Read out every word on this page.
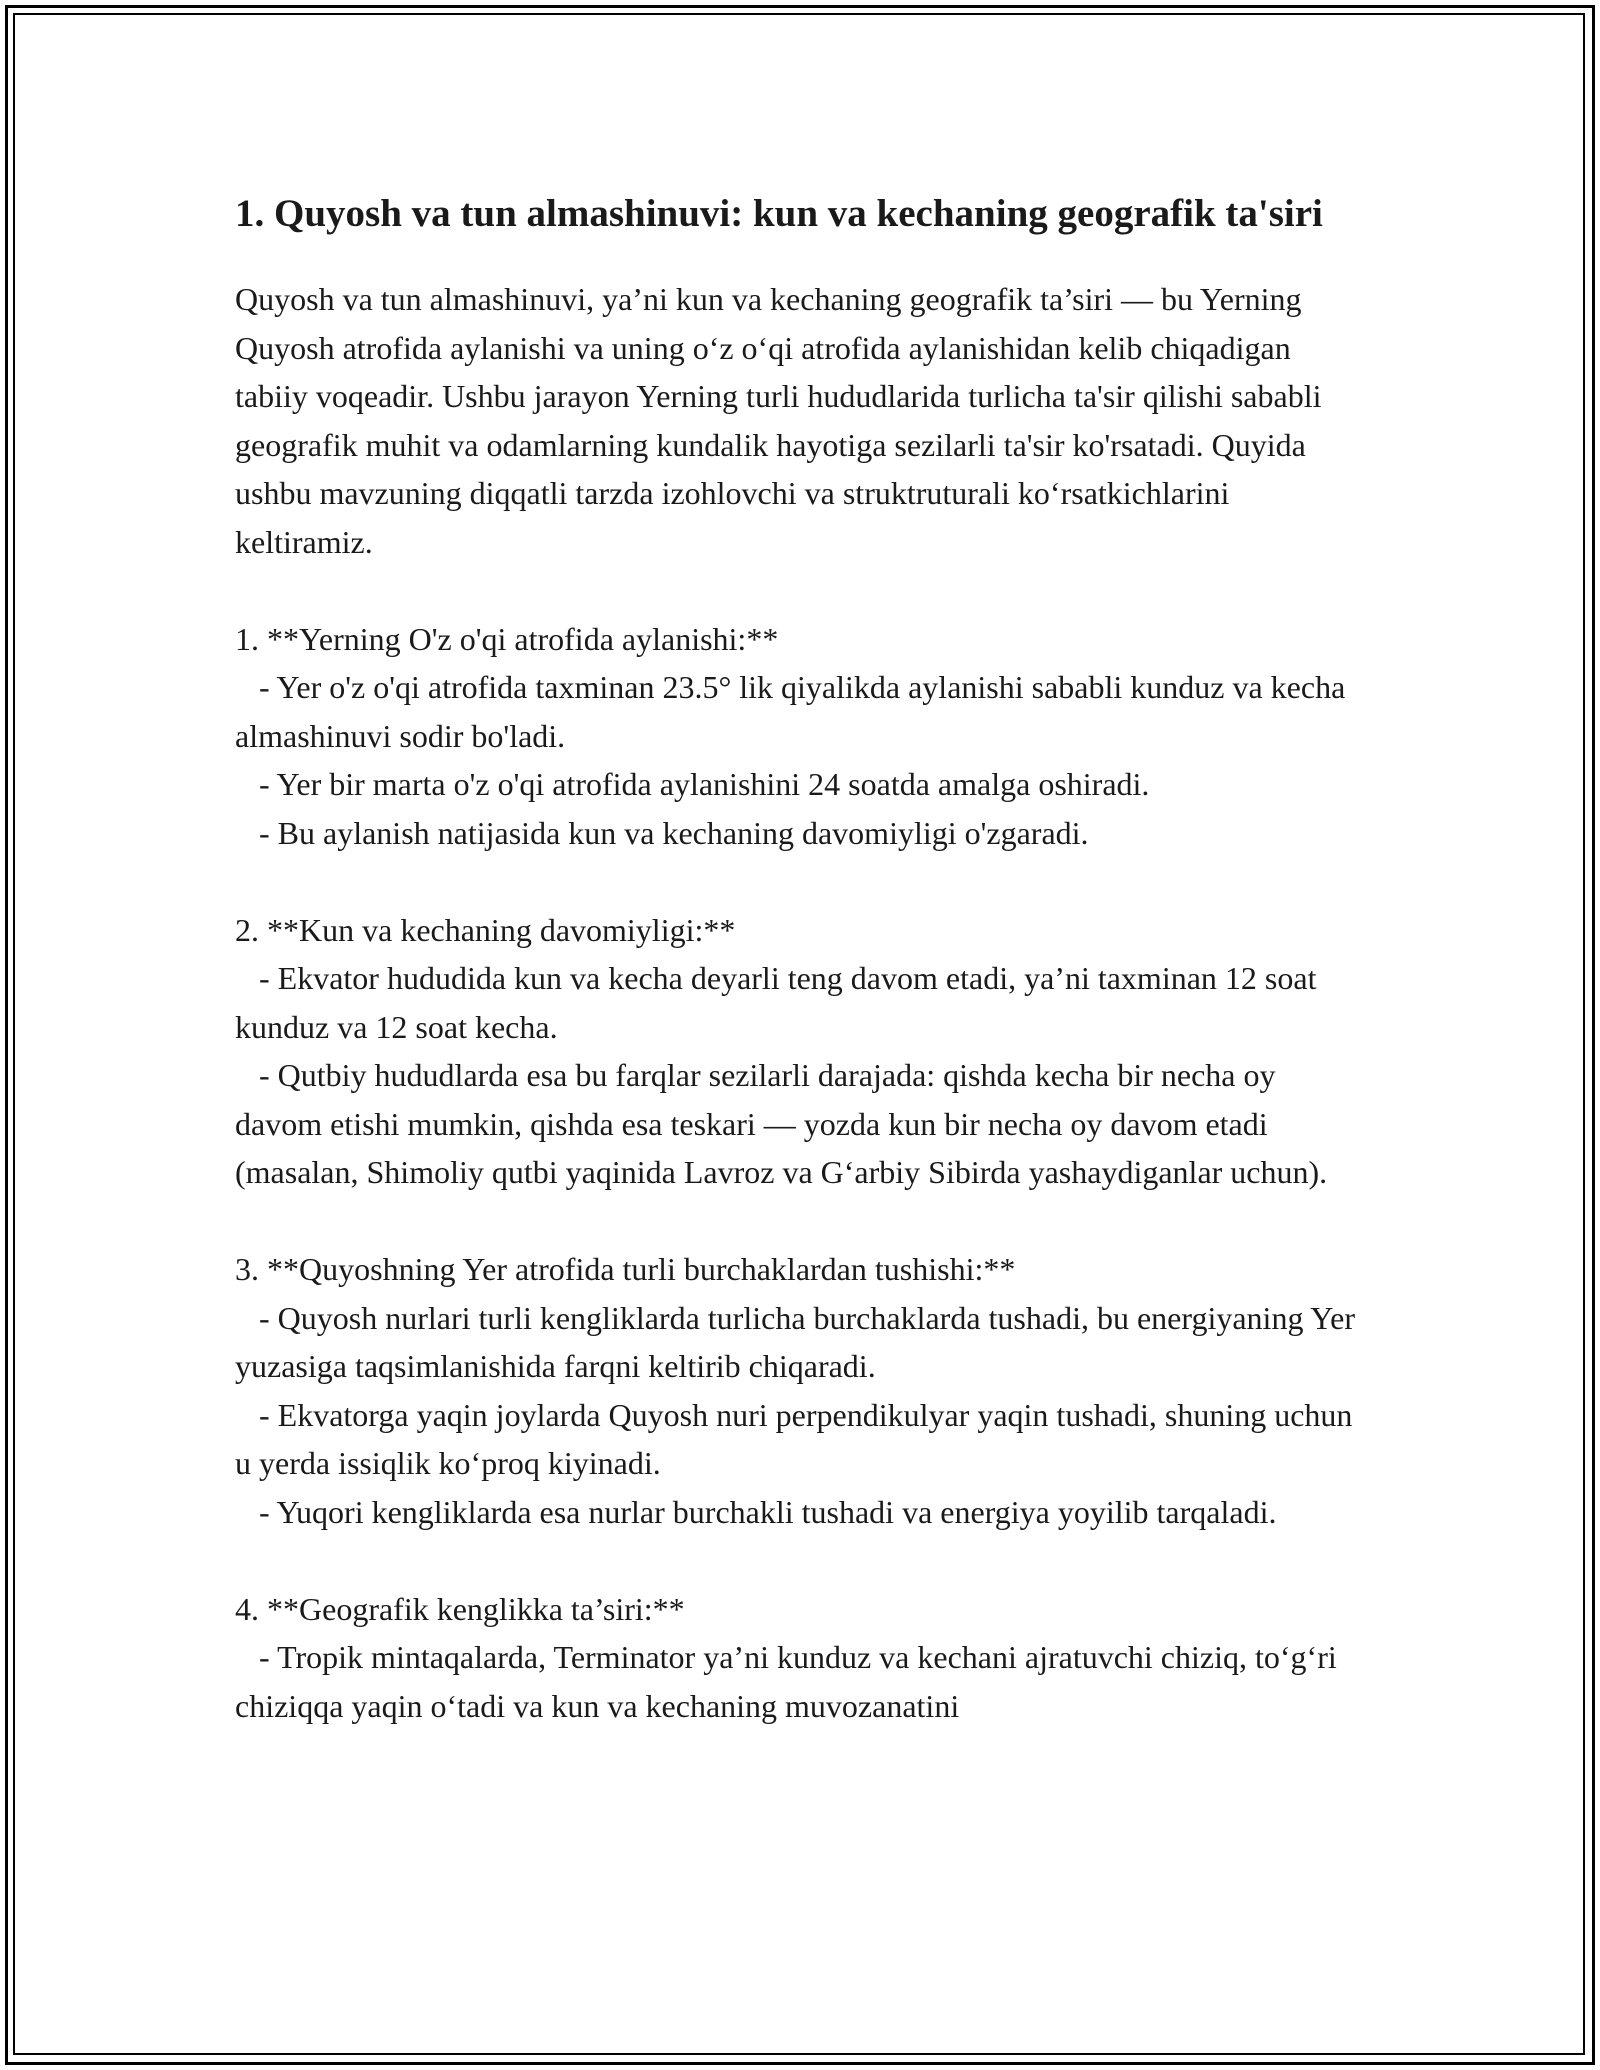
1. Quyosh va tun almashinuvi: kun va kechaning geografik ta'siri

Quyosh va tun almashinuvi, ya’ni kun va kechaning geografik ta’siri — bu Yerning Quyosh atrofida aylanishi va uning o‘z o‘qi atrofida aylanishidan kelib chiqadigan tabiiy voqeadir. Ushbu jarayon Yerning turli hududlarida turlicha ta'sir qilishi sababli geografik muhit va odamlarning kundalik hayotiga sezilarli ta'sir ko'rsatadi. Quyida ushbu mavzuning diqqatli tarzda izohlovchi va struktruturali ko‘rsatkichlarini keltiramiz.

1. **Yerning O'z o'qi atrofida aylanishi:**

- Yer o'z o'qi atrofida taxminan 23.5° lik qiyalikda aylanishi sababli kunduz va kecha almashinuvi sodir bo'ladi.

- Yer bir marta o'z o'qi atrofida aylanishini 24 soatda amalga oshiradi.

- Bu aylanish natijasida kun va kechaning davomiyligi o'zgaradi.

2. **Kun va kechaning davomiyligi:**

- Ekvator hududida kun va kecha deyarli teng davom etadi, ya’ni taxminan 12 soat kunduz va 12 soat kecha.

- Qutbiy hududlarda esa bu farqlar sezilarli darajada: qishda kecha bir necha oy davom etishi mumkin, qishda esa teskari — yozda kun bir necha oy davom etadi (masalan, Shimoliy qutbi yaqinida Lavroz va G‘arbiy Sibirda yashaydiganlar uchun).

3. **Quyoshning Yer atrofida turli burchaklardan tushishi:**

- Quyosh nurlari turli kengliklarda turlicha burchaklarda tushadi, bu energiyaning Yer yuzasiga taqsimlanishida farqni keltirib chiqaradi.

- Ekvatorga yaqin joylarda Quyosh nuri perpendikulyar yaqin tushadi, shuning uchun u yerda issiqlik ko‘proq kiyinadi.

- Yuqori kengliklarda esa nurlar burchakli tushadi va energiya yoyilib tarqaladi.

4. **Geografik kenglikka ta’siri:**

- Tropik mintaqalarda, Terminator ya’ni kunduz va kechani ajratuvchi chiziq, to‘g‘ri chiziqqa yaqin o‘tadi va kun va kechaning muvozanatini
